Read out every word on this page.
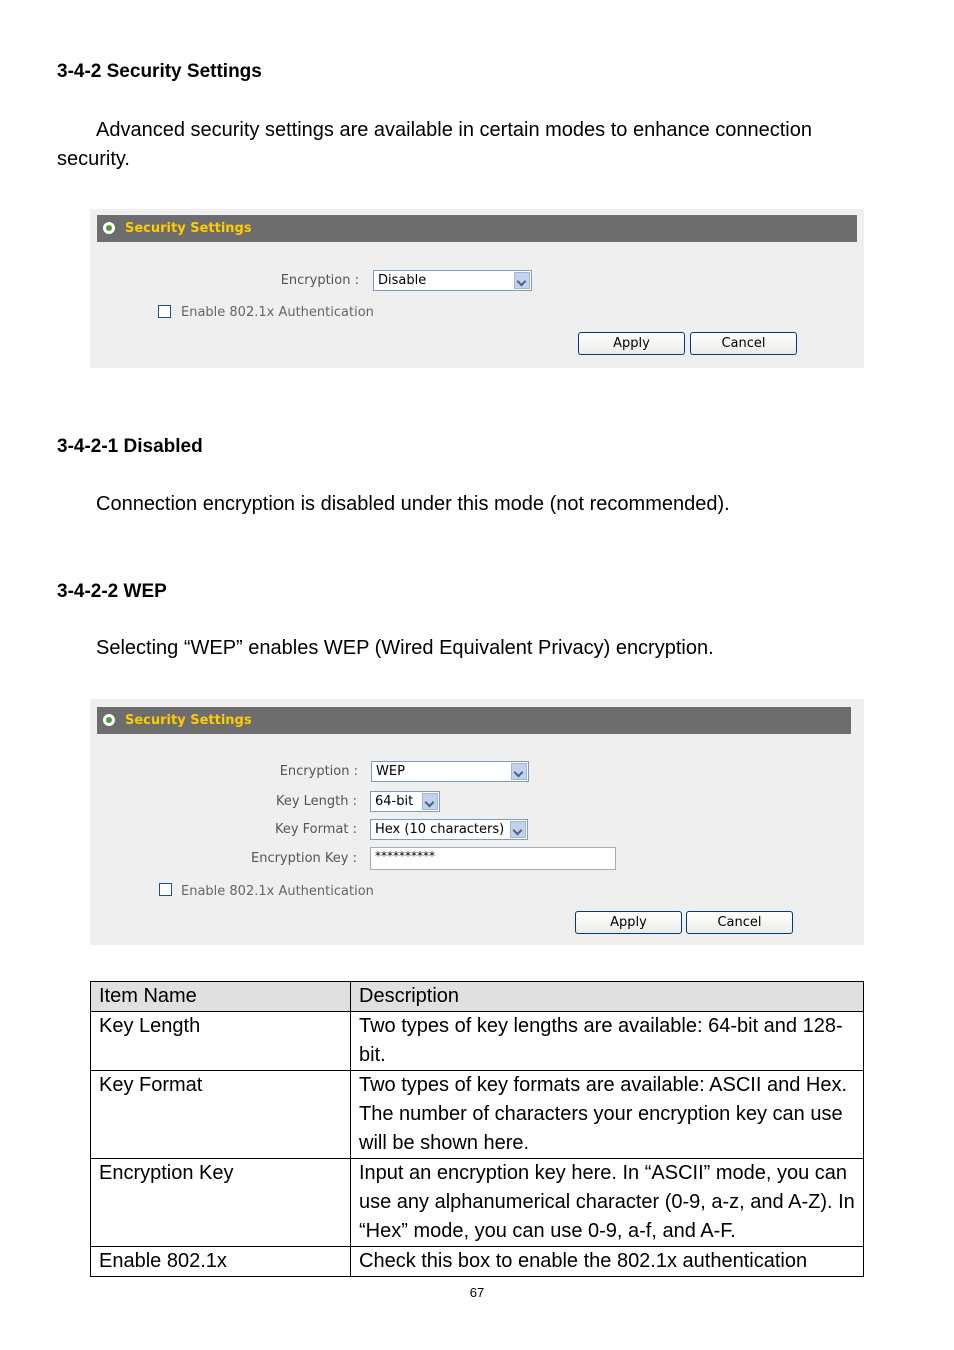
3-4-2 Security Settings
Advanced security settings are available in certain modes to enhance connection security.
Security Settings
Encryption :	Disable
Enable 802.1x Authentication
Apply	Cancel
3-4-2-1 Disabled
Connection encryption is disabled under this mode (not recommended).
3-4-2-2 WEP
Selecting “WEP” enables WEP (Wired Equivalent Privacy) encryption.
Security Settings
Encryption :	WEP
Key Length :	64-bit
Key Format :	Hex (10 characters)
Encryption Key :	**********
Enable 802.1x Authentication
Apply	Cancel
Item Name	Description
Key Length	Two types of key lengths are available: 64-bit and 128-bit.
Key Format	Two types of key formats are available: ASCII and Hex. The number of characters your encryption key can use will be shown here.
Encryption Key	Input an encryption key here. In “ASCII” mode, you can use any alphanumerical character (0-9, a-z, and A-Z). In “Hex” mode, you can use 0-9, a-f, and A-F.
Enable 802.1x	Check this box to enable the 802.1x authentication
67
